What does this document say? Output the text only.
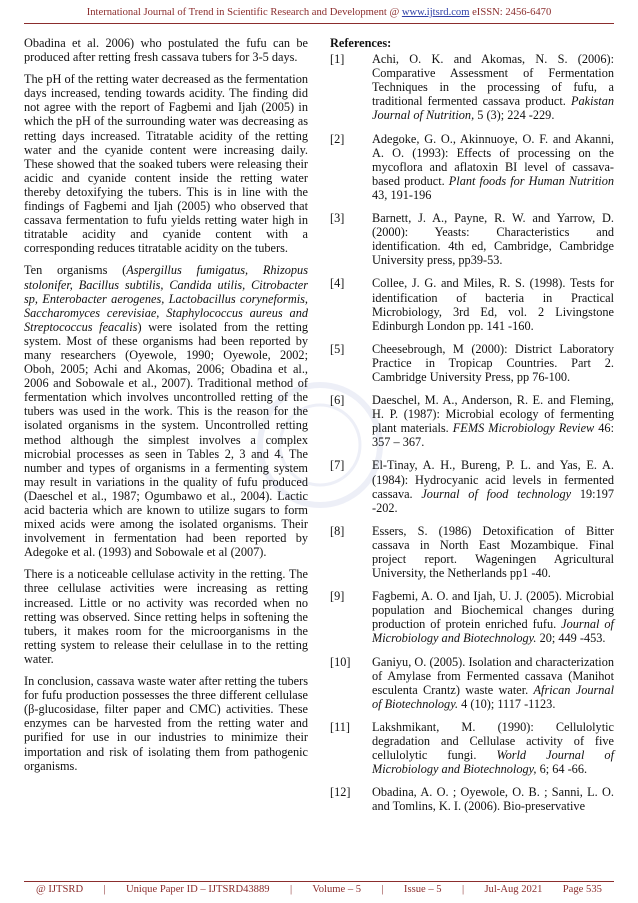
International Journal of Trend in Scientific Research and Development @ www.ijtsrd.com eISSN: 2456-6470

Obadina et al. 2006) who postulated the fufu can be produced after retting fresh cassava tubers for 3-5 days.

The pH of the retting water decreased as the fermentation days increased, tending towards acidity. The finding did not agree with the report of Fagbemi and Ijah (2005) in which the pH of the surrounding water was decreasing as retting days increased. Titratable acidity of the retting water and the cyanide content were increasing daily. These showed that the soaked tubers were releasing their acidic and cyanide content inside the retting water thereby detoxifying the tubers. This is in line with the findings of Fagbemi and Ijah (2005) who observed that cassava fermentation to fufu yields retting water high in titratable acidity and cyanide content with a corresponding reduces titratable acidity on the tubers.

Ten organisms (Aspergillus fumigatus, Rhizopus stolonifer, Bacillus subtilis, Candida utilis, Citrobacter sp, Enterobacter aerogenes, Lactobacillus coryneformis, Saccharomyces cerevisiae, Staphylococcus aureus and Streptococcus feacalis) were isolated from the retting system. Most of these organisms had been reported by many researchers (Oyewole, 1990; Oyewole, 2002; Oboh, 2005; Achi and Akomas, 2006; Obadina et al., 2006 and Sobowale et al., 2007). Traditional method of fermentation which involves uncontrolled retting of the tubers was used in the work. This is the reason for the isolated organisms in the system. Uncontrolled retting method although the simplest involves a complex microbial processes as seen in Tables 2, 3 and 4. The number and types of organisms in a fermenting system may result in variations in the quality of fufu produced (Daeschel et al., 1987; Ogumbawo et al., 2004). Lactic acid bacteria which are known to utilize sugars to form mixed acids were among the isolated organisms. Their involvement in fermentation had been reported by Adegoke et al. (1993) and Sobowale et al (2007).

There is a noticeable cellulase activity in the retting. The three cellulase activities were increasing as retting increased. Little or no activity was recorded when no retting was observed. Since retting helps in softening the tubers, it makes room for the microorganisms in the retting system to release their celullase in to the retting water.

In conclusion, cassava waste water after retting the tubers for fufu production possesses the three different cellulase (β-glucosidase, filter paper and CMC) activities. These enzymes can be harvested from the retting water and purified for use in our industries to minimize their importation and risk of isolating them from pathogenic organisms.

References:
[1]	Achi, O. K. and Akomas, N. S. (2006): Comparative Assessment of Fermentation Techniques in the processing of fufu, a traditional fermented cassava product. Pakistan Journal of Nutrition, 5 (3); 224 -229.
[2]	Adegoke, G. O., Akinnuoye, O. F. and Akanni, A. O. (1993): Effects of processing on the mycoflora and aflatoxin BI level of cassava-based product. Plant foods for Human Nutrition 43, 191-196
[3]	Barnett, J. A., Payne, R. W. and Yarrow, D. (2000): Yeasts: Characteristics and identification. 4th ed, Cambridge, Cambridge University press, pp39-53.
[4]	Collee, J. G. and Miles, R. S. (1998). Tests for identification of bacteria in Practical Microbiology, 3rd Ed, vol. 2 Livingstone Edinburgh London pp. 141 -160.
[5]	Cheesebrough, M (2000): District Laboratory Practice in Tropicap Countries. Part 2. Cambridge University Press, pp 76-100.
[6]	Daeschel, M. A., Anderson, R. E. and Fleming, H. P. (1987): Microbial ecology of fermenting plant materials. FEMS Microbiology Review 46: 357 – 367.
[7]	El-Tinay, A. H., Bureng, P. L. and Yas, E. A. (1984): Hydrocyanic acid levels in fermented cassava. Journal of food technology 19:197 -202.
[8]	Essers, S. (1986) Detoxification of Bitter cassava in North East Mozambique. Final project report. Wageningen Agricultural University, the Netherlands pp1 -40.
[9]	Fagbemi, A. O. and Ijah, U. J. (2005). Microbial population and Biochemical changes during production of protein enriched fufu. Journal of Microbiology and Biotechnology. 20; 449 -453.
[10]	Ganiyu, O. (2005). Isolation and characterization of Amylase from Fermented cassava (Manihot esculenta Crantz) waste water. African Journal of Biotechnology. 4 (10); 1117 -1123.
[11]	Lakshmikant, M. (1990): Cellulolytic degradation and Cellulase activity of five cellulolytic fungi. World Journal of Microbiology and Biotechnology, 6; 64 -66.
[12]	Obadina, A. O. ; Oyewole, O. B. ; Sanni, L. O. and Tomlins, K. I. (2006). Bio-preservative
@ IJTSRD | Unique Paper ID – IJTSRD43889 | Volume – 5 | Issue – 5 | Jul-Aug 2021 Page 535
